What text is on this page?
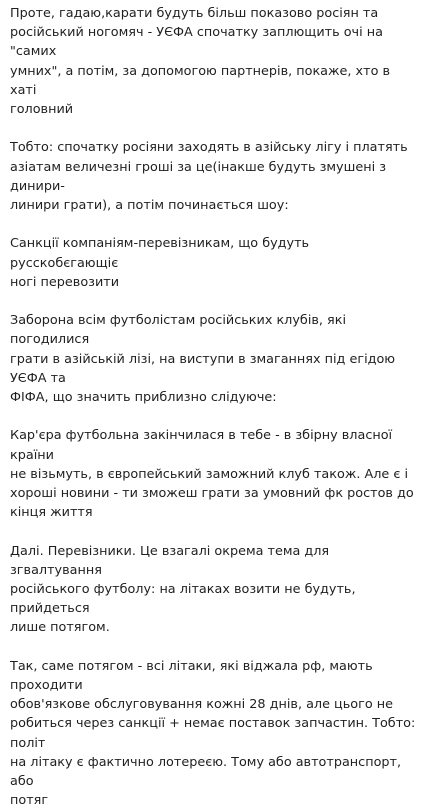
Проте, гадаю,карати будуть більш показово росіян та
російський ногомяч - УЄФА спочатку заплющить очі на "самих
умних", а потім, за допомогою партнерів, покаже, хто в хаті
головний

Тобто: спочатку росіяни заходять в азійську лігу і платять
азіатам величезні гроші за це(інакше будуть змушені з динири-
линири грати), а потім починається шоу:

Санкції компаніям-перевізникам, що будуть русскобєгающіє
ногі перевозити

Заборона всім футболістам російських клубів, які погодилися
грати в азійській лізі, на виступи в змаганнях під егідою УЄФА та
ФІФА, що значить приблизно слідуюче:

Кар'єра футбольна закінчилася в тебе - в збірну власної країни
не візьмуть, в європейський заможний клуб також. Але є і
хороші новини - ти зможеш грати за умовний фк ростов до
кінця життя

Далі. Перевізники. Це взагалі окрема тема для згвалтування
російського футболу: на літаках возити не будуть, прийдеться
лише потягом.

Так, саме потягом - всі літаки, які віджала рф, мають проходити
обов'язкове обслуговування кожні 28 днів, але цього не
робиться через санкції + немає поставок запчастин. Тобто: політ
на літаку є фактично лотереєю. Тому або автотранспорт, або
потяг
